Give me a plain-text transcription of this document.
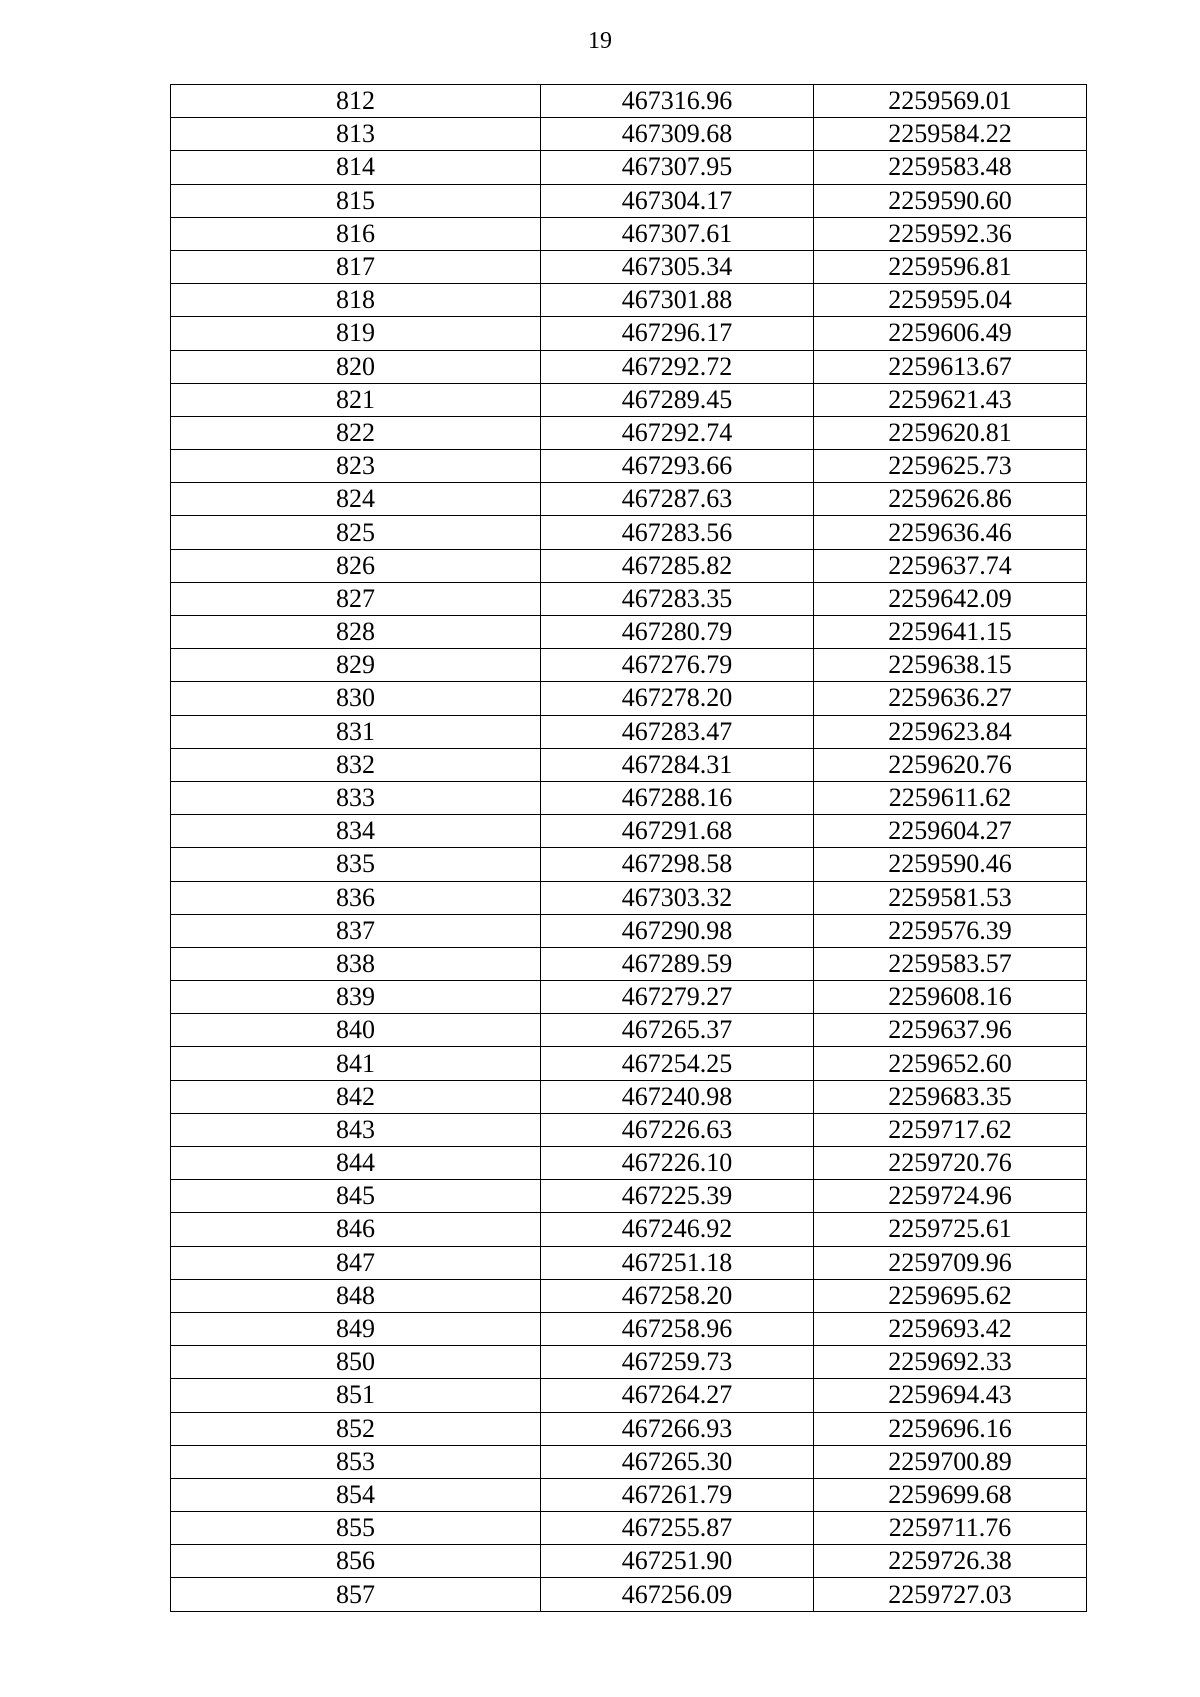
19
812	467316.96	2259569.01
813	467309.68	2259584.22
814	467307.95	2259583.48
815	467304.17	2259590.60
816	467307.61	2259592.36
817	467305.34	2259596.81
818	467301.88	2259595.04
819	467296.17	2259606.49
820	467292.72	2259613.67
821	467289.45	2259621.43
822	467292.74	2259620.81
823	467293.66	2259625.73
824	467287.63	2259626.86
825	467283.56	2259636.46
826	467285.82	2259637.74
827	467283.35	2259642.09
828	467280.79	2259641.15
829	467276.79	2259638.15
830	467278.20	2259636.27
831	467283.47	2259623.84
832	467284.31	2259620.76
833	467288.16	2259611.62
834	467291.68	2259604.27
835	467298.58	2259590.46
836	467303.32	2259581.53
837	467290.98	2259576.39
838	467289.59	2259583.57
839	467279.27	2259608.16
840	467265.37	2259637.96
841	467254.25	2259652.60
842	467240.98	2259683.35
843	467226.63	2259717.62
844	467226.10	2259720.76
845	467225.39	2259724.96
846	467246.92	2259725.61
847	467251.18	2259709.96
848	467258.20	2259695.62
849	467258.96	2259693.42
850	467259.73	2259692.33
851	467264.27	2259694.43
852	467266.93	2259696.16
853	467265.30	2259700.89
854	467261.79	2259699.68
855	467255.87	2259711.76
856	467251.90	2259726.38
857	467256.09	2259727.03
